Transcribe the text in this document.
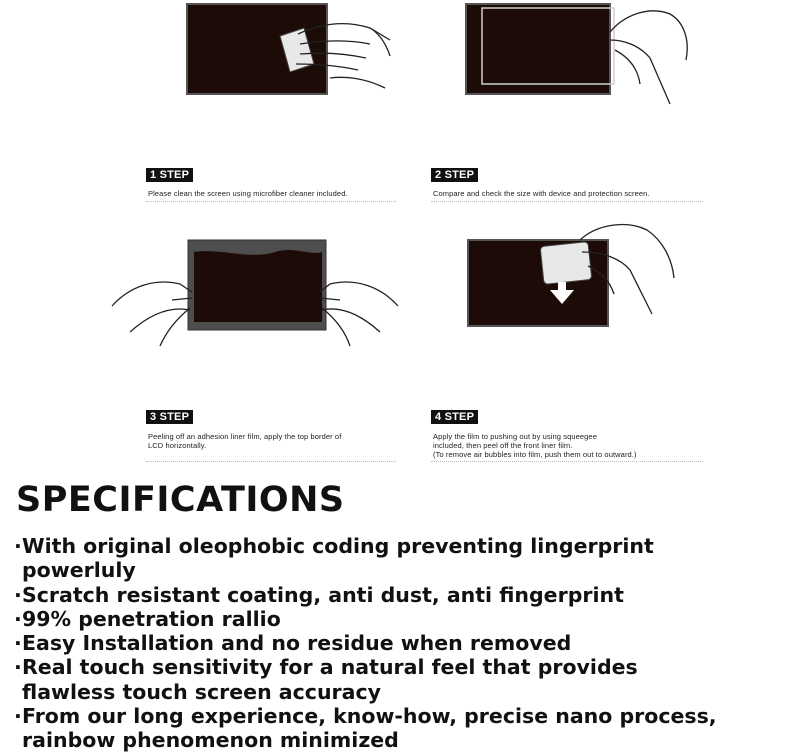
1 STEP
Please clean the screen using microfiber cleaner included.
2 STEP
Compare and check the size with device and protection screen.
3 STEP
Peeling off an adhesion liner film, apply the top border of
LCD horizontally.
4 STEP
Apply the film to pushing out by using squeegee
included, then peel off the front liner film.
(To remove air bubbles into film, push them out to outward.)
SPECIFICATIONS
·With original oleophobic coding preventing lingerprint
powerluly
·Scratch resistant coating, anti dust, anti fingerprint
·99% penetration rallio
·Easy Installation and no residue when removed
·Real touch sensitivity for a natural feel that provides
flawless touch screen accuracy
·From our long experience, know-how, precise nano process,
rainbow phenomenon minimized
